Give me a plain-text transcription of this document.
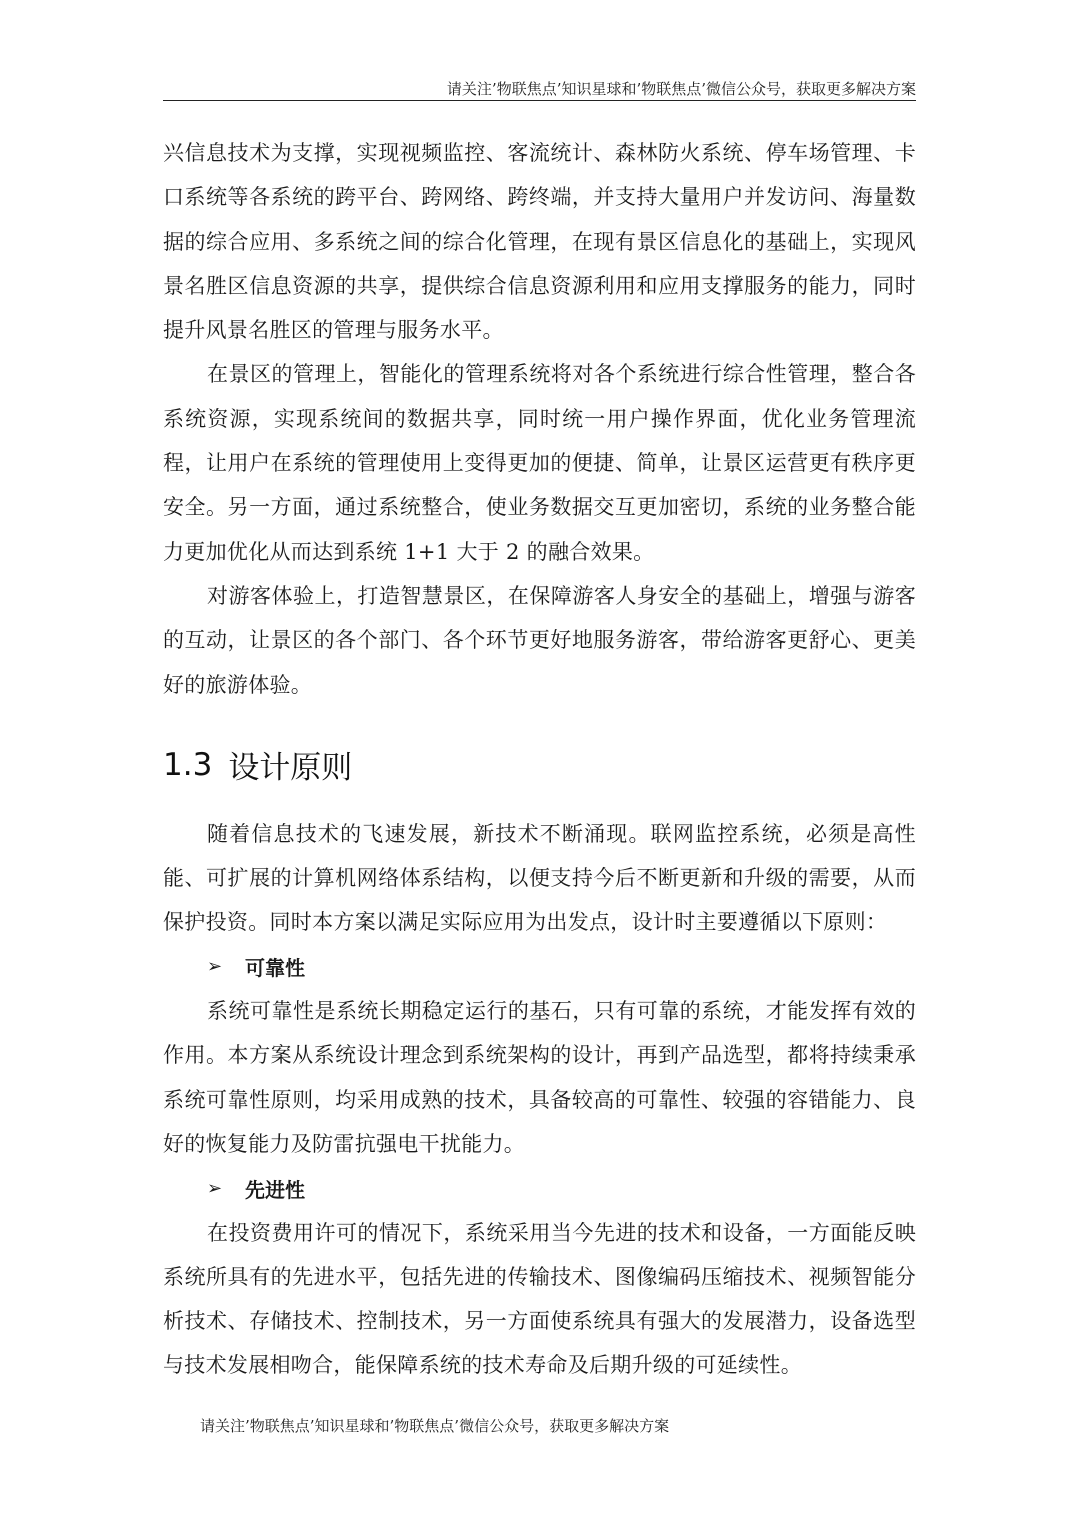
请关注’物联焦点’知识星球和’物联焦点’微信公众号，获取更多解决方案

兴信息技术为支撑，实现视频监控、客流统计、森林防火系统、停车场管理、卡口系统等各系统的跨平台、跨网络、跨终端，并支持大量用户并发访问、海量数据的综合应用、多系统之间的综合化管理，在现有景区信息化的基础上，实现风景名胜区信息资源的共享，提供综合信息资源利用和应用支撑服务的能力，同时提升风景名胜区的管理与服务水平。

在景区的管理上，智能化的管理系统将对各个系统进行综合性管理，整合各系统资源，实现系统间的数据共享，同时统一用户操作界面，优化业务管理流程，让用户在系统的管理使用上变得更加的便捷、简单，让景区运营更有秩序更安全。另一方面，通过系统整合，使业务数据交互更加密切，系统的业务整合能力更加优化从而达到系统 1+1 大于 2 的融合效果。

对游客体验上，打造智慧景区，在保障游客人身安全的基础上，增强与游客的互动，让景区的各个部门、各个环节更好地服务游客，带给游客更舒心、更美好的旅游体验。

1.3 设计原则

随着信息技术的飞速发展，新技术不断涌现。联网监控系统，必须是高性能、可扩展的计算机网络体系结构，以便支持今后不断更新和升级的需要，从而保护投资。同时本方案以满足实际应用为出发点，设计时主要遵循以下原则：

➢	可靠性

系统可靠性是系统长期稳定运行的基石，只有可靠的系统，才能发挥有效的作用。本方案从系统设计理念到系统架构的设计，再到产品选型，都将持续秉承系统可靠性原则，均采用成熟的技术，具备较高的可靠性、较强的容错能力、良好的恢复能力及防雷抗强电干扰能力。

➢	先进性

在投资费用许可的情况下，系统采用当今先进的技术和设备，一方面能反映系统所具有的先进水平，包括先进的传输技术、图像编码压缩技术、视频智能分析技术、存储技术、控制技术，另一方面使系统具有强大的发展潜力，设备选型与技术发展相吻合，能保障系统的技术寿命及后期升级的可延续性。

请关注’物联焦点’知识星球和’物联焦点’微信公众号，获取更多解决方案
